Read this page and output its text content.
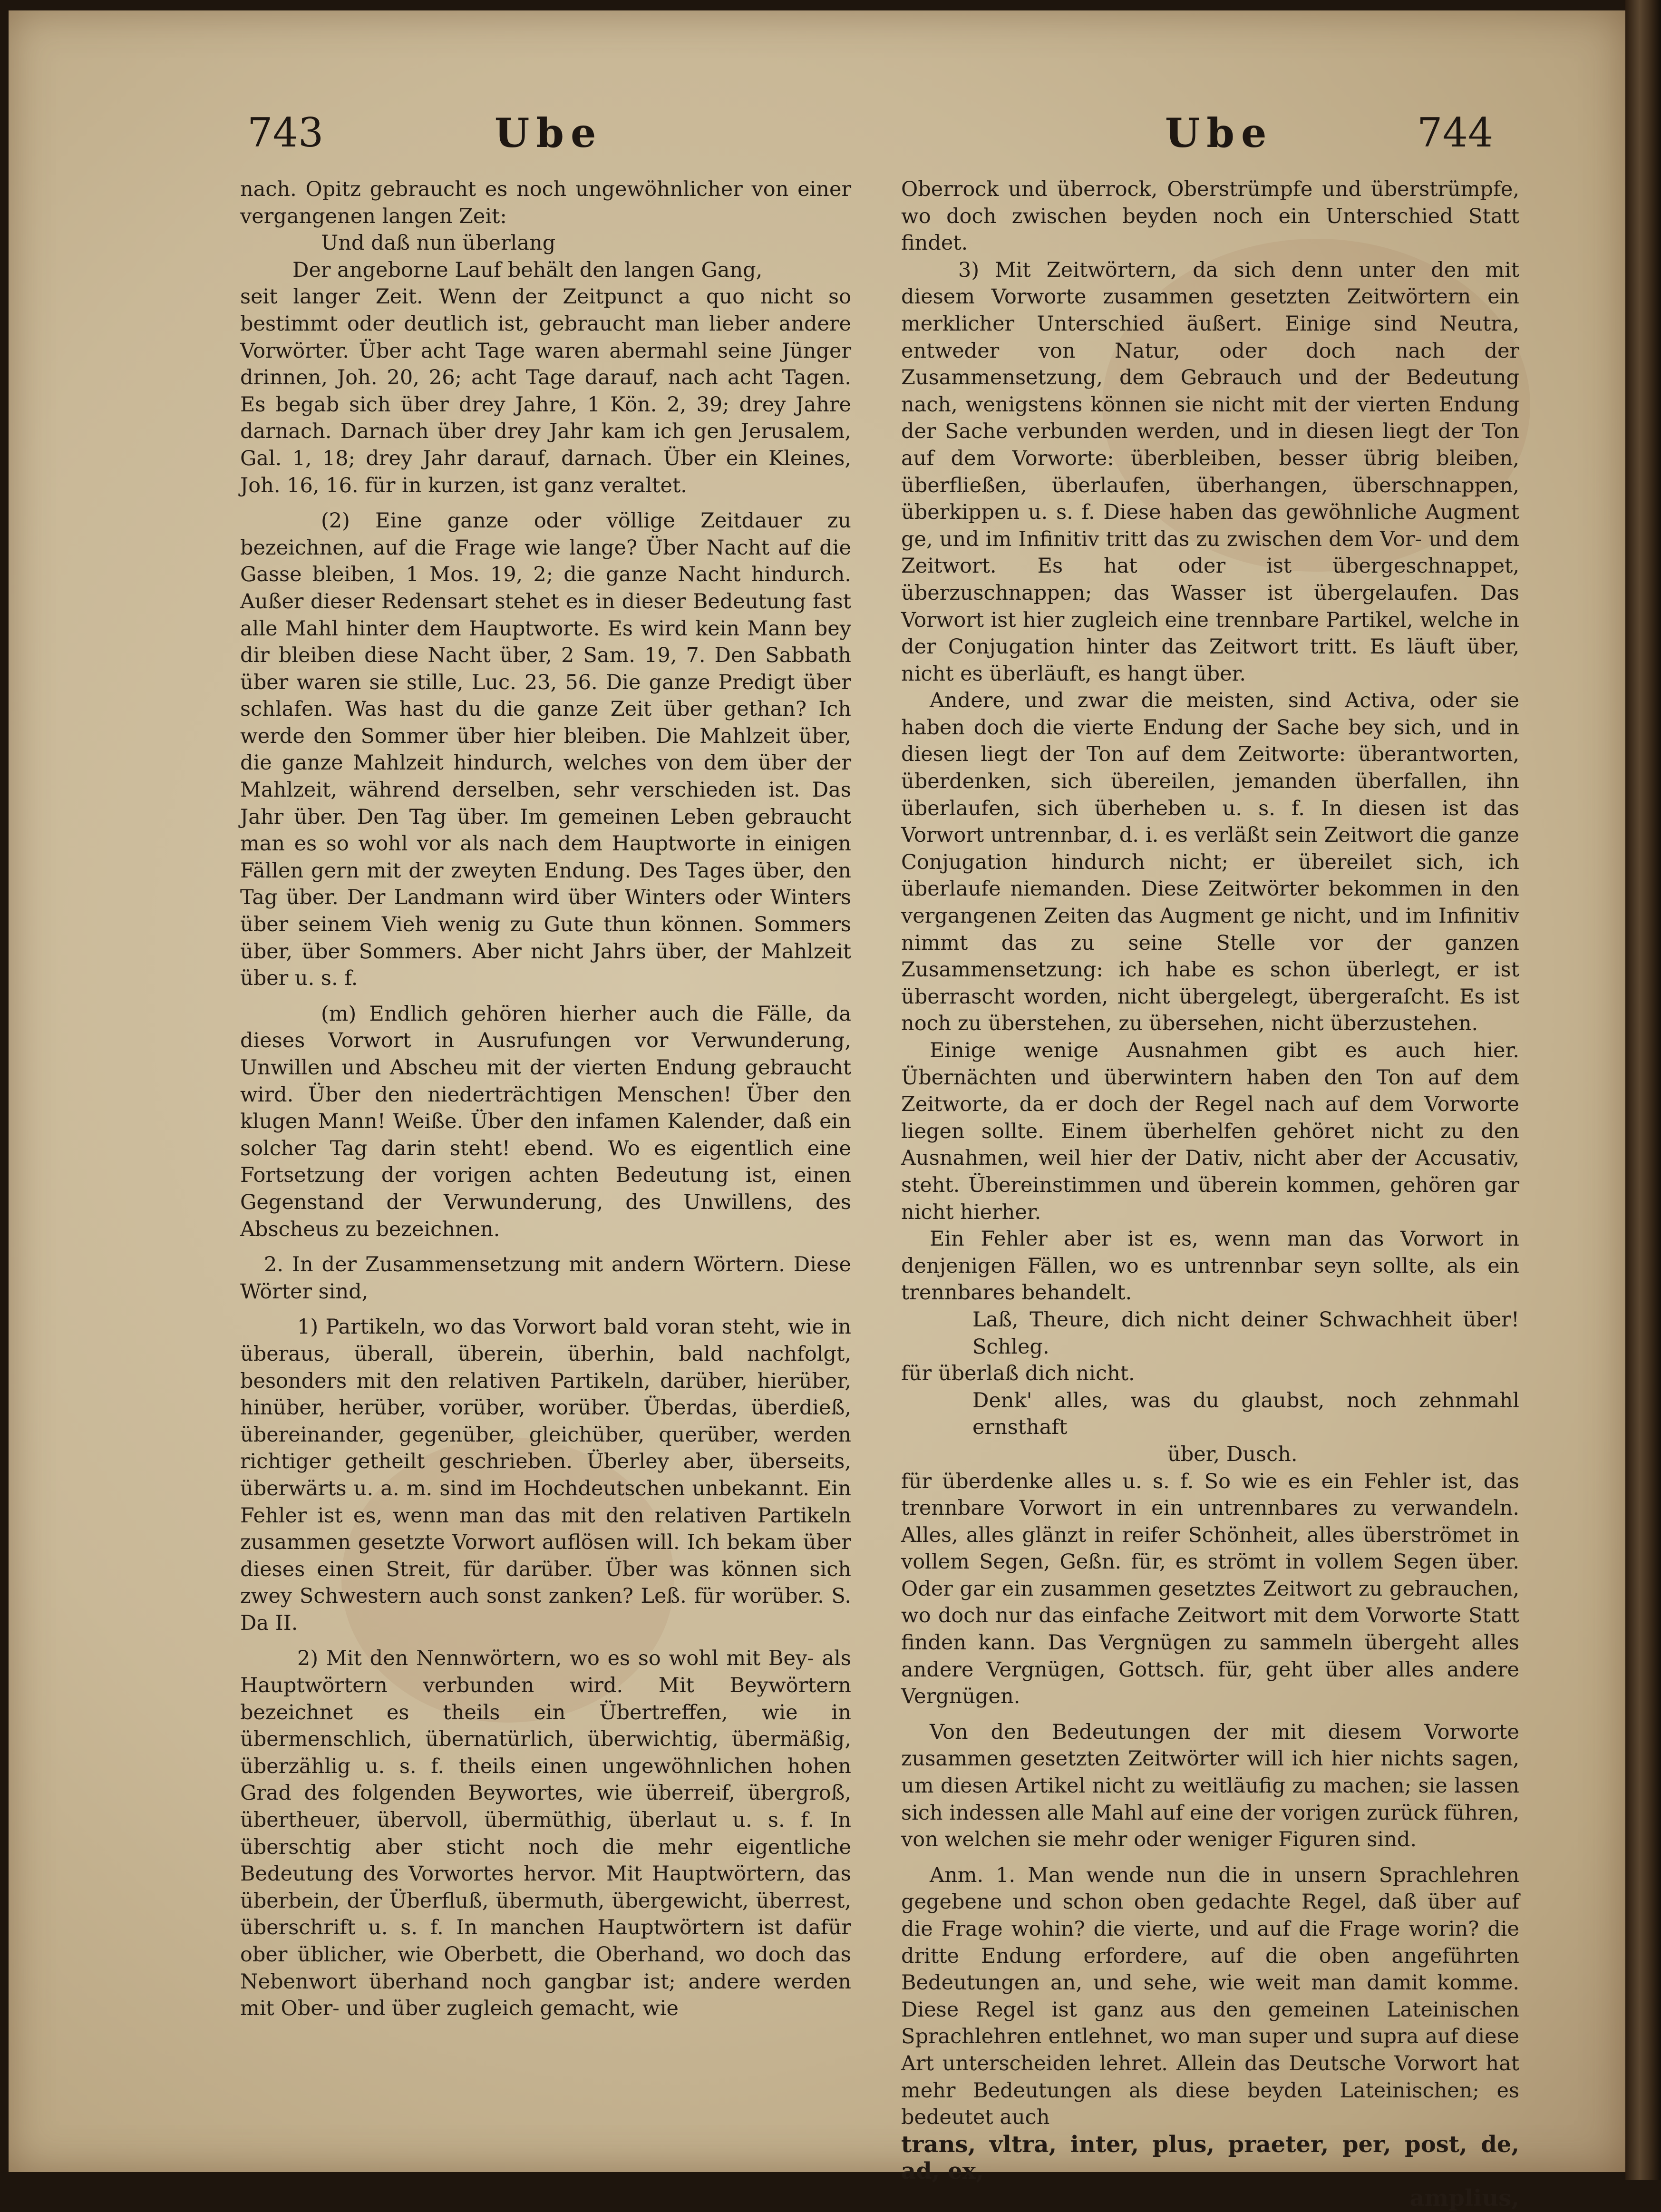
743	Ube	Ube	744

nach. Opitz gebraucht es noch ungewöhnlicher von einer vergangenen langen Zeit:

Und daß nun überlang

Der angeborne Lauf behält den langen Gang,

seit langer Zeit. Wenn der Zeitpunct a quo nicht so bestimmt oder deutlich ist, gebraucht man lieber andere Vorwörter. Über acht Tage waren abermahl seine Jünger drinnen, Joh. 20, 26; acht Tage darauf, nach acht Tagen. Es begab sich über drey Jahre, 1 Kön. 2, 39; drey Jahre darnach. Darnach über drey Jahr kam ich gen Jerusalem, Gal. 1, 18; drey Jahr darauf, darnach. Über ein Kleines, Joh. 16, 16. für in kurzen, ist ganz veraltet.

(2) Eine ganze oder völlige Zeitdauer zu bezeichnen, auf die Frage wie lange? Über Nacht auf die Gasse bleiben, 1 Mos. 19, 2; die ganze Nacht hindurch. Außer dieser Redensart stehet es in dieser Bedeutung fast alle Mahl hinter dem Hauptworte. Es wird kein Mann bey dir bleiben diese Nacht über, 2 Sam. 19, 7. Den Sabbath über waren sie stille, Luc. 23, 56. Die ganze Predigt über schlafen. Was hast du die ganze Zeit über gethan? Ich werde den Sommer über hier bleiben. Die Mahlzeit über, die ganze Mahlzeit hindurch, welches von dem über der Mahlzeit, während derselben, sehr verschieden ist. Das Jahr über. Den Tag über. Im gemeinen Leben gebraucht man es so wohl vor als nach dem Hauptworte in einigen Fällen gern mit der zweyten Endung. Des Tages über, den Tag über. Der Landmann wird über Winters oder Winters über seinem Vieh wenig zu Gute thun können. Sommers über, über Sommers. Aber nicht Jahrs über, der Mahlzeit über u. s. f.

(m) Endlich gehören hierher auch die Fälle, da dieses Vorwort in Ausrufungen vor Verwunderung, Unwillen und Abscheu mit der vierten Endung gebraucht wird. Über den niederträchtigen Menschen! Über den klugen Mann! Weiße. Über den infamen Kalender, daß ein solcher Tag darin steht! ebend. Wo es eigentlich eine Fortsetzung der vorigen achten Bedeutung ist, einen Gegenstand der Verwunderung, des Unwillens, des Abscheus zu bezeichnen.

2. In der Zusammensetzung mit andern Wörtern. Diese Wörter sind,

1) Partikeln, wo das Vorwort bald voran steht, wie in überaus, überall, überein, überhin, bald nachfolgt, besonders mit den relativen Partikeln, darüber, hierüber, hinüber, herüber, vorüber, worüber. Überdas, überdieß, übereinander, gegenüber, gleichüber, querüber, werden richtiger getheilt geschrieben. Überley aber, überseits, überwärts u. a. m. sind im Hochdeutschen unbekannt. Ein Fehler ist es, wenn man das mit den relativen Partikeln zusammen gesetzte Vorwort auflösen will. Ich bekam über dieses einen Streit, für darüber. Über was können sich zwey Schwestern auch sonst zanken? Leß. für worüber. S. Da II.

2) Mit den Nennwörtern, wo es so wohl mit Bey- als Hauptwörtern verbunden wird. Mit Beywörtern bezeichnet es theils ein Übertreffen, wie in übermenschlich, übernatürlich, überwichtig, übermäßig, überzählig u. s. f. theils einen ungewöhnlichen hohen Grad des folgenden Beywortes, wie überreif, übergroß, übertheuer, übervoll, übermüthig, überlaut u. s. f. In überschtig aber sticht noch die mehr eigentliche Bedeutung des Vorwortes hervor. Mit Hauptwörtern, das überbein, der Überfluß, übermuth, übergewicht, überrest, überschrift u. s. f. In manchen Hauptwörtern ist dafür ober üblicher, wie Oberbett, die Oberhand, wo doch das Nebenwort überhand noch gangbar ist; andere werden mit Ober- und über zugleich gemacht, wie

Oberrock und überrock, Oberstrümpfe und überstrümpfe, wo doch zwischen beyden noch ein Unterschied Statt findet.

3) Mit Zeitwörtern, da sich denn unter den mit diesem Vorworte zusammen gesetzten Zeitwörtern ein merklicher Unterschied äußert. Einige sind Neutra, entweder von Natur, oder doch nach der Zusammensetzung, dem Gebrauch und der Bedeutung nach, wenigstens können sie nicht mit der vierten Endung der Sache verbunden werden, und in diesen liegt der Ton auf dem Vorworte: überbleiben, besser übrig bleiben, überfließen, überlaufen, überhangen, überschnappen, überkippen u. s. f. Diese haben das gewöhnliche Augment ge, und im Infinitiv tritt das zu zwischen dem Vor- und dem Zeitwort. Es hat oder ist übergeschnappet, überzuschnappen; das Wasser ist übergelaufen. Das Vorwort ist hier zugleich eine trennbare Partikel, welche in der Conjugation hinter das Zeitwort tritt. Es läuft über, nicht es überläuft, es hangt über.

Andere, und zwar die meisten, sind Activa, oder sie haben doch die vierte Endung der Sache bey sich, und in diesen liegt der Ton auf dem Zeitworte: überantworten, überdenken, sich übereilen, jemanden überfallen, ihn überlaufen, sich überheben u. s. f. In diesen ist das Vorwort untrennbar, d. i. es verläßt sein Zeitwort die ganze Conjugation hindurch nicht; er übereilet sich, ich überlaufe niemanden. Diese Zeitwörter bekommen in den vergangenen Zeiten das Augment ge nicht, und im Infinitiv nimmt das zu seine Stelle vor der ganzen Zusammensetzung: ich habe es schon überlegt, er ist überrascht worden, nicht übergelegt, übergeraſcht. Es ist noch zu überstehen, zu übersehen, nicht überzustehen.

Einige wenige Ausnahmen gibt es auch hier. Übernächten und überwintern haben den Ton auf dem Zeitworte, da er doch der Regel nach auf dem Vorworte liegen sollte. Einem überhelfen gehöret nicht zu den Ausnahmen, weil hier der Dativ, nicht aber der Accusativ, steht. Übereinstimmen und überein kommen, gehören gar nicht hierher.

Ein Fehler aber ist es, wenn man das Vorwort in denjenigen Fällen, wo es untrennbar seyn sollte, als ein trennbares behandelt.

Laß, Theure, dich nicht deiner Schwachheit über! Schleg.

für überlaß dich nicht.

Denk' alles, was du glaubst, noch zehnmahl ernsthaft

über, Dusch.

für überdenke alles u. s. f. So wie es ein Fehler ist, das trennbare Vorwort in ein untrennbares zu verwandeln. Alles, alles glänzt in reifer Schönheit, alles überströmet in vollem Segen, Geßn. für, es strömt in vollem Segen über. Oder gar ein zusammen gesetztes Zeitwort zu gebrauchen, wo doch nur das einfache Zeitwort mit dem Vorworte Statt finden kann. Das Vergnügen zu sammeln übergeht alles andere Vergnügen, Gottsch. für, geht über alles andere Vergnügen.

Von den Bedeutungen der mit diesem Vorworte zusammen gesetzten Zeitwörter will ich hier nichts sagen, um diesen Artikel nicht zu weitläufig zu machen; sie lassen sich indessen alle Mahl auf eine der vorigen zurück führen, von welchen sie mehr oder weniger Figuren sind.

Anm. 1. Man wende nun die in unsern Sprachlehren gegebene und schon oben gedachte Regel, daß über auf die Frage wohin? die vierte, und auf die Frage worin? die dritte Endung erfordere, auf die oben angeführten Bedeutungen an, und sehe, wie weit man damit komme. Diese Regel ist ganz aus den gemeinen Lateinischen Sprachlehren entlehnet, wo man super und supra auf diese Art unterscheiden lehret. Allein das Deutsche Vorwort hat mehr Bedeutungen als diese beyden Lateinischen; es bedeutet auch

trans, vltra, inter, plus, praeter, per, post, de, ad, ex,

amplius,
